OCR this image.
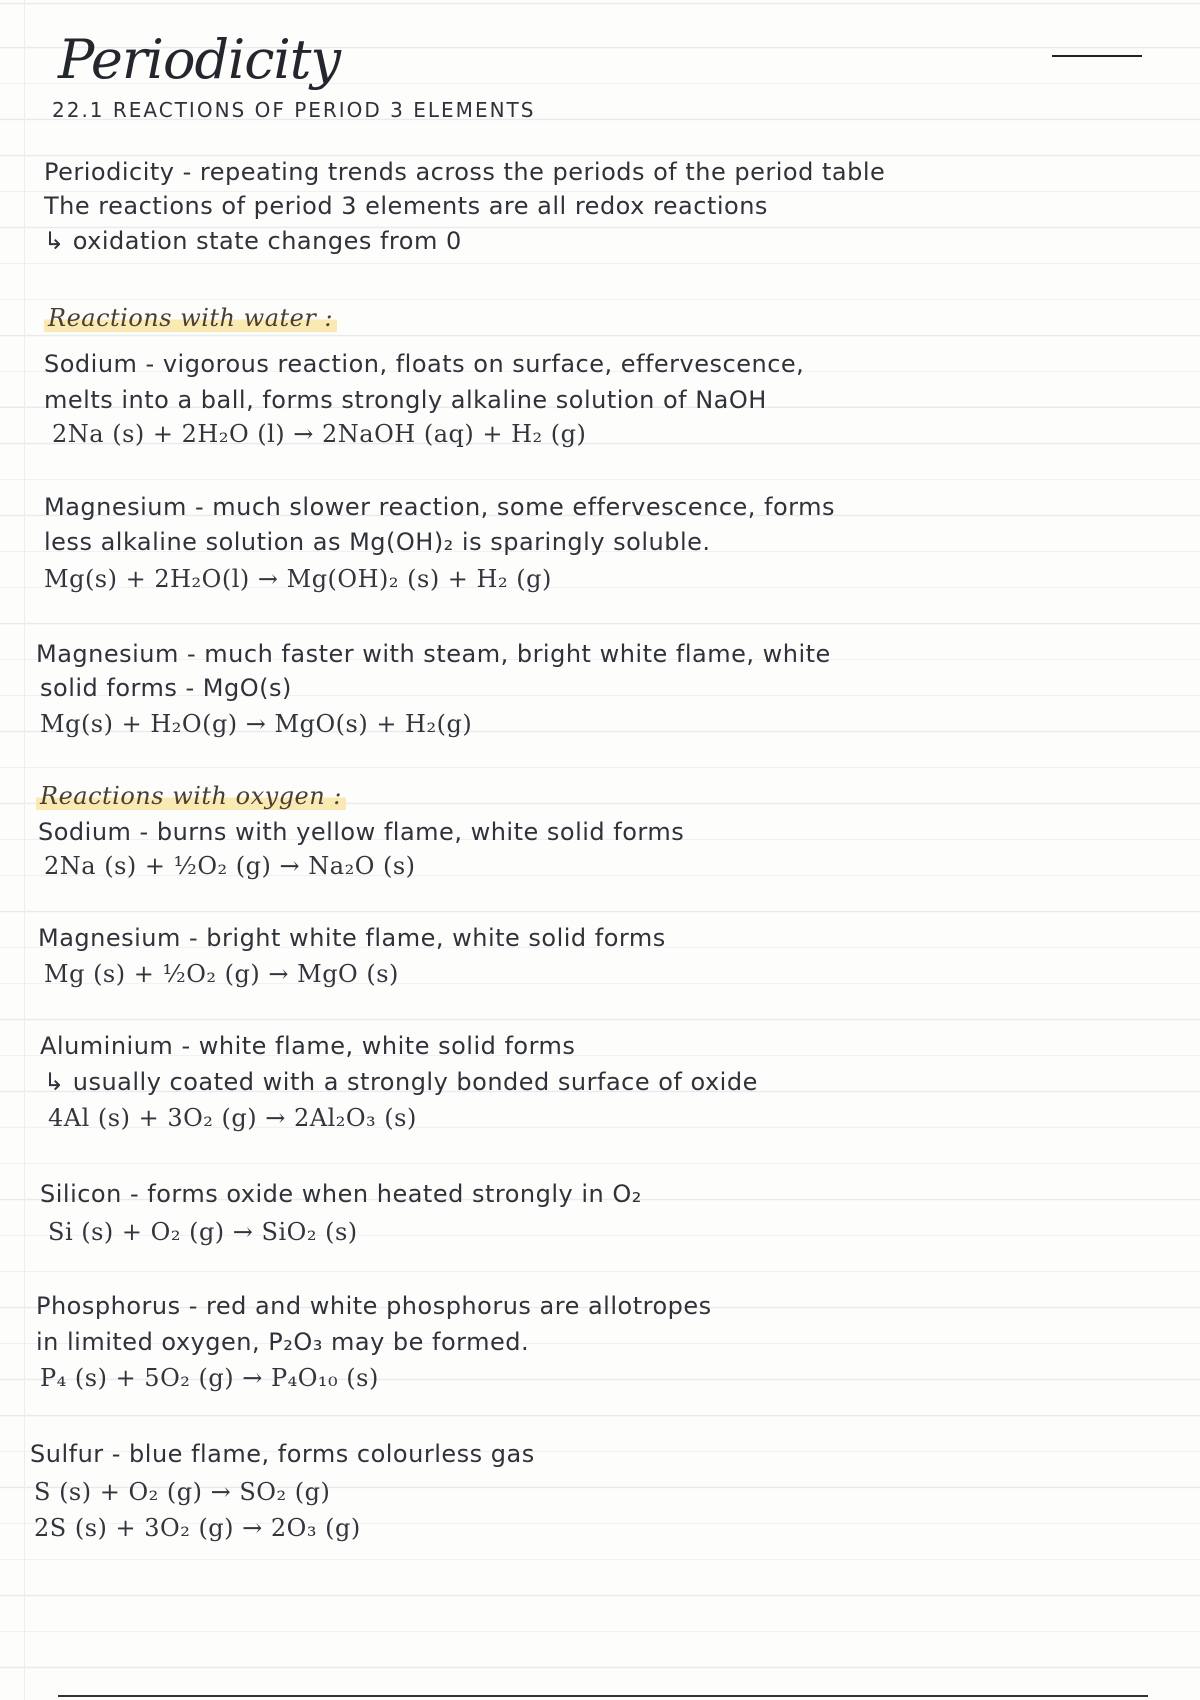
Periodicity
22.1 REACTIONS OF PERIOD 3 ELEMENTS
Periodicity - repeating trends across the periods of the period table
The reactions of period 3 elements are all redox reactions
↳ oxidation state changes from 0
Reactions with water :
Sodium - vigorous reaction, floats on surface, effervescence,
melts into a ball, forms strongly alkaline solution of NaOH
2Na (s) + 2H₂O (l) → 2NaOH (aq) + H₂ (g)
Magnesium - much slower reaction, some effervescence, forms
less alkaline solution as Mg(OH)₂ is sparingly soluble.
Mg(s) + 2H₂O(l) → Mg(OH)₂ (s) + H₂ (g)
Magnesium - much faster with steam, bright white flame, white
solid forms - MgO(s)
Mg(s) + H₂O(g) → MgO(s) + H₂(g)
Reactions with oxygen :
Sodium - burns with yellow flame, white solid forms
2Na (s) + ½O₂ (g) → Na₂O (s)
Magnesium - bright white flame, white solid forms
Mg (s) + ½O₂ (g) → MgO (s)
Aluminium - white flame, white solid forms
↳ usually coated with a strongly bonded surface of oxide
4Al (s) + 3O₂ (g) → 2Al₂O₃ (s)
Silicon - forms oxide when heated strongly in O₂
Si (s) + O₂ (g) → SiO₂ (s)
Phosphorus - red and white phosphorus are allotropes
in limited oxygen, P₂O₃ may be formed.
P₄ (s) + 5O₂ (g) → P₄O₁₀ (s)
Sulfur - blue flame, forms colourless gas
S (s) + O₂ (g) → SO₂ (g)
2S (s) + 3O₂ (g) → 2O₃ (g)
